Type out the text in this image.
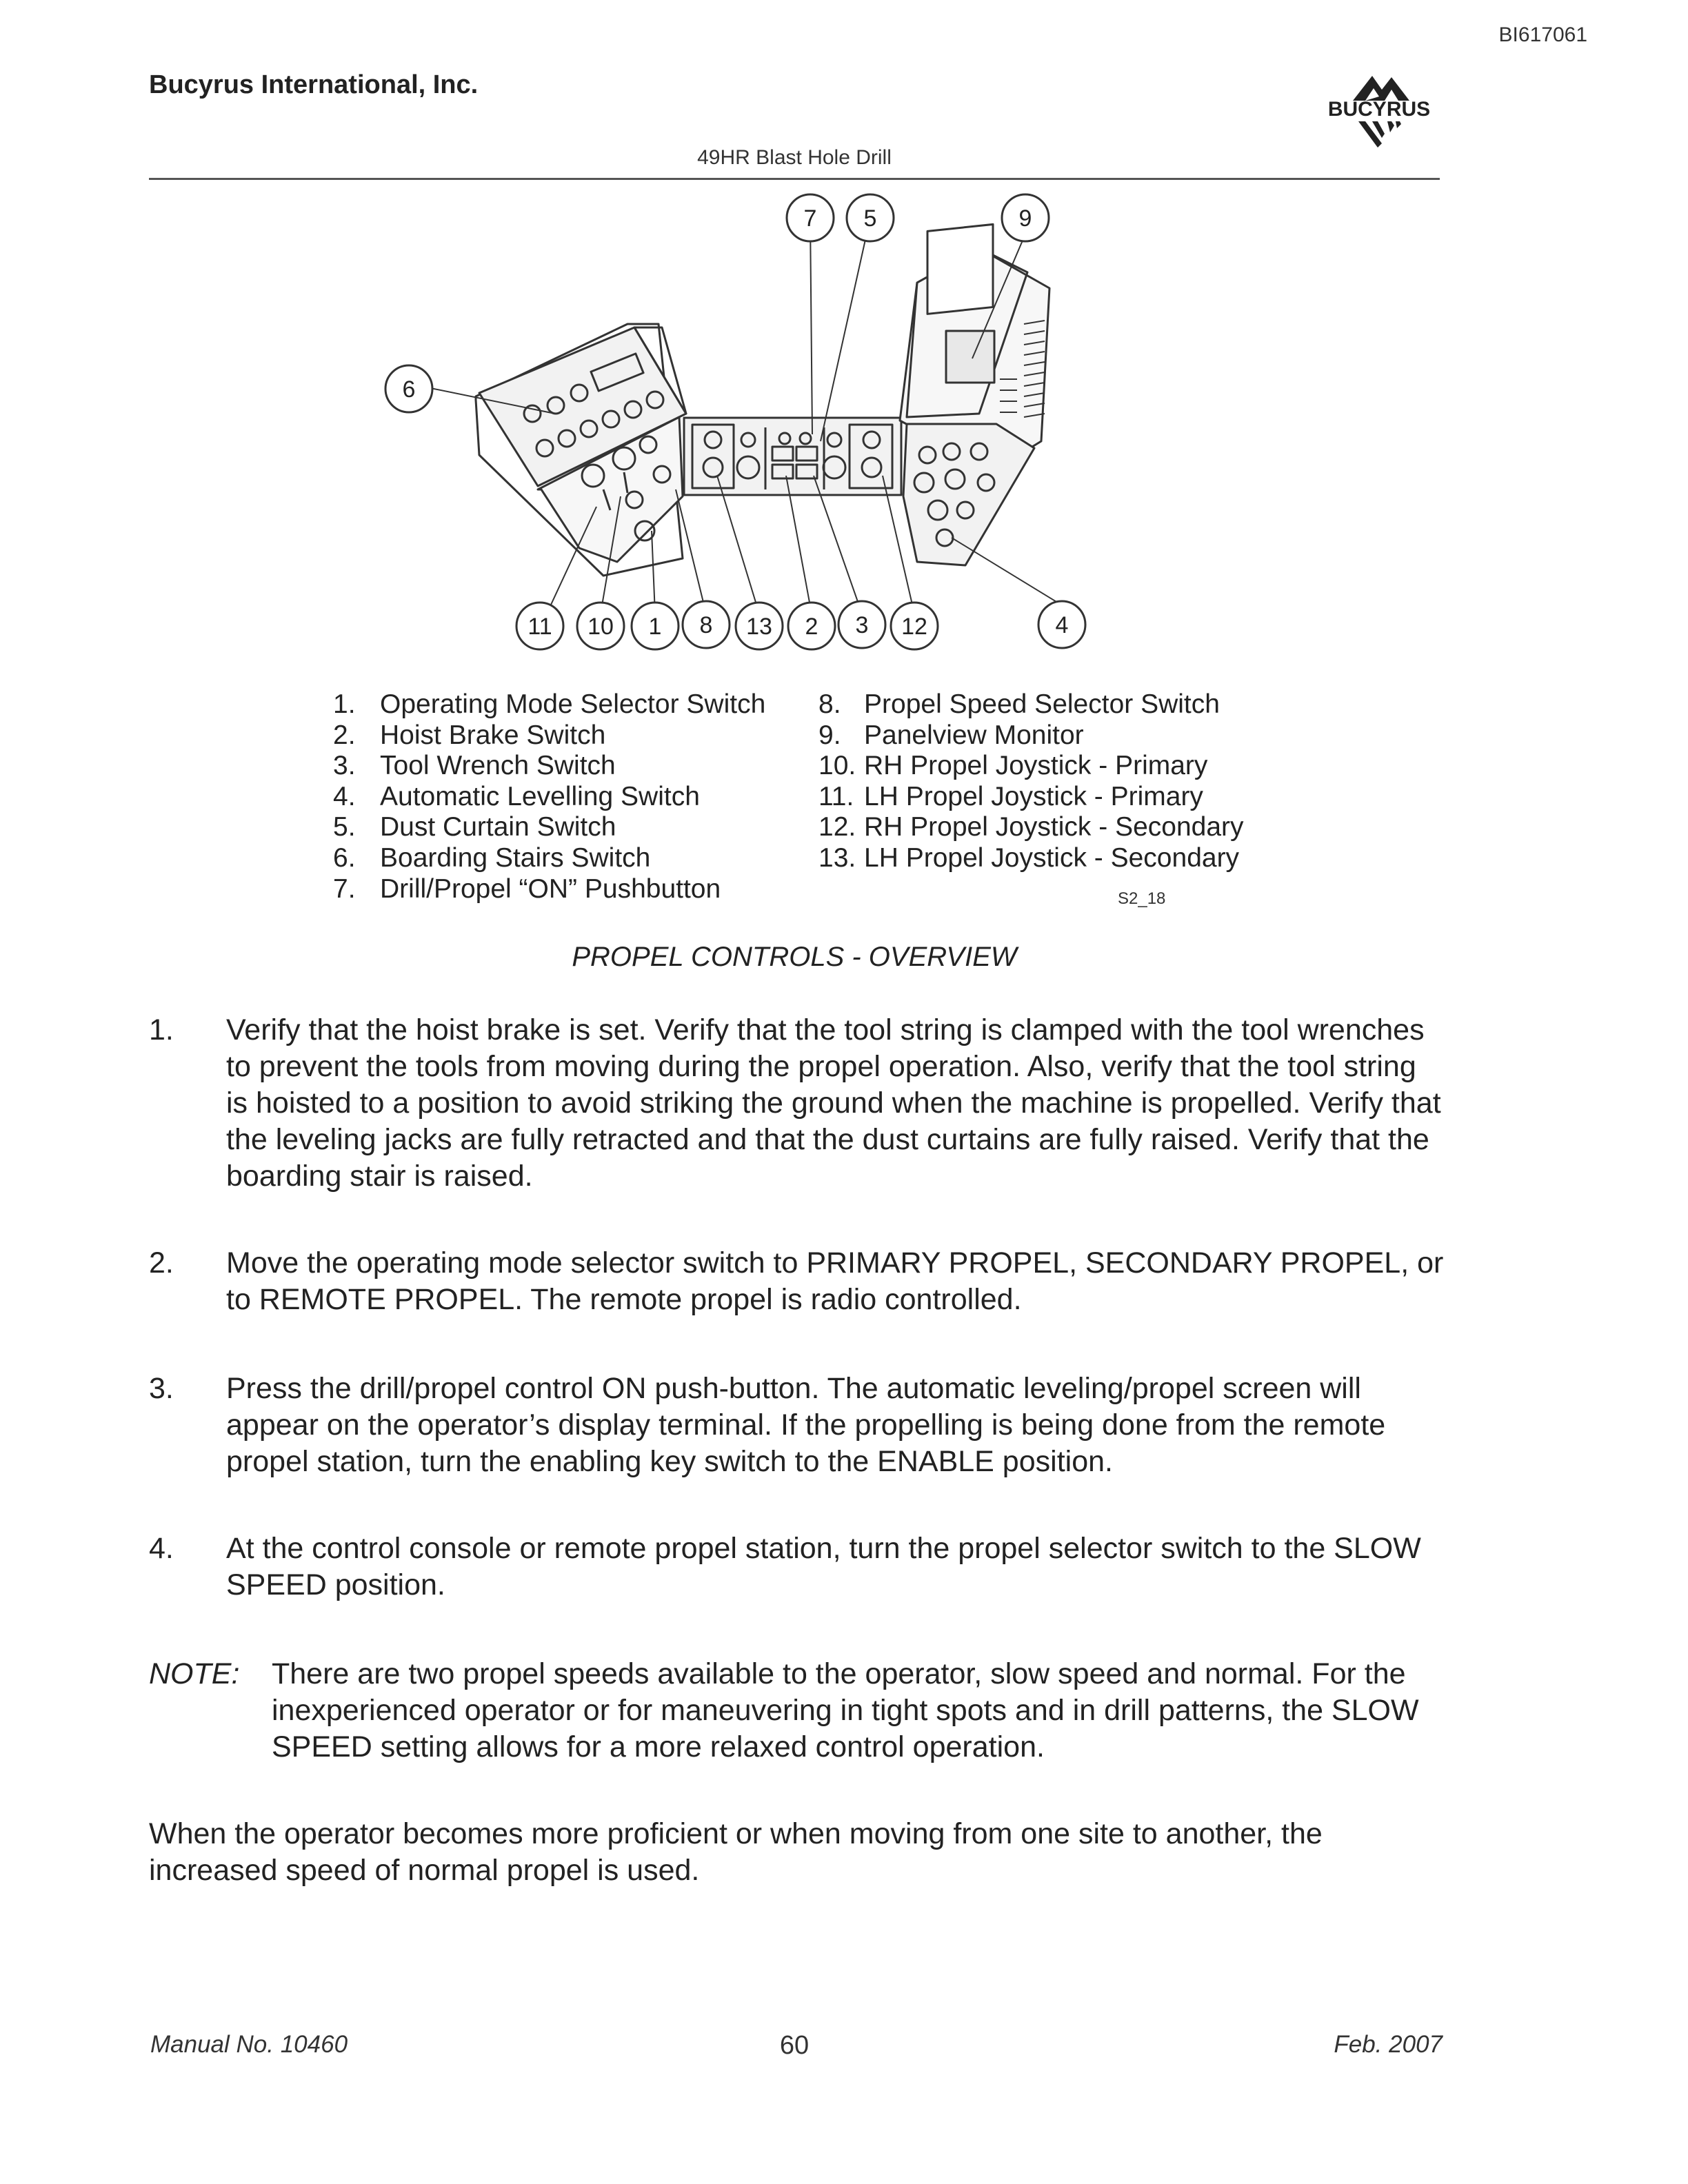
BI617061
Bucyrus International, Inc.
BUCYRUS
49HR Blast Hole Drill
7 5	9
6
11 10 1 8 13 2 3 12	4
1. Operating Mode Selector Switch
2. Hoist Brake Switch
3. Tool Wrench Switch
4. Automatic Levelling Switch
5. Dust Curtain Switch
6. Boarding Stairs Switch
7. Drill/Propel “ON” Pushbutton
8. Propel Speed Selector Switch
9. Panelview Monitor
10. RH Propel Joystick - Primary
11. LH Propel Joystick - Primary
12. RH Propel Joystick - Secondary
13. LH Propel Joystick - Secondary
S2_18
PROPEL CONTROLS - OVERVIEW
1. Verify that the hoist brake is set. Verify that the tool string is clamped with the tool wrenches to prevent the tools from moving during the propel operation. Also, verify that the tool string is hoisted to a position to avoid striking the ground when the machine is propelled. Verify that the leveling jacks are fully retracted and that the dust curtains are fully raised. Verify that the boarding stair is raised.
2. Move the operating mode selector switch to PRIMARY PROPEL, SECONDARY PROPEL, or to REMOTE PROPEL. The remote propel is radio controlled.
3. Press the drill/propel control ON push-button. The automatic leveling/propel screen will appear on the operator’s display terminal. If the propelling is being done from the remote propel station, turn the enabling key switch to the ENABLE position.
4. At the control console or remote propel station, turn the propel selector switch to the SLOW SPEED position.
NOTE: There are two propel speeds available to the operator, slow speed and normal. For the inexperienced operator or for maneuvering in tight spots and in drill patterns, the SLOW SPEED setting allows for a more relaxed control operation.
When the operator becomes more proficient or when moving from one site to another, the increased speed of normal propel is used.
Manual No. 10460	60	Feb. 2007
